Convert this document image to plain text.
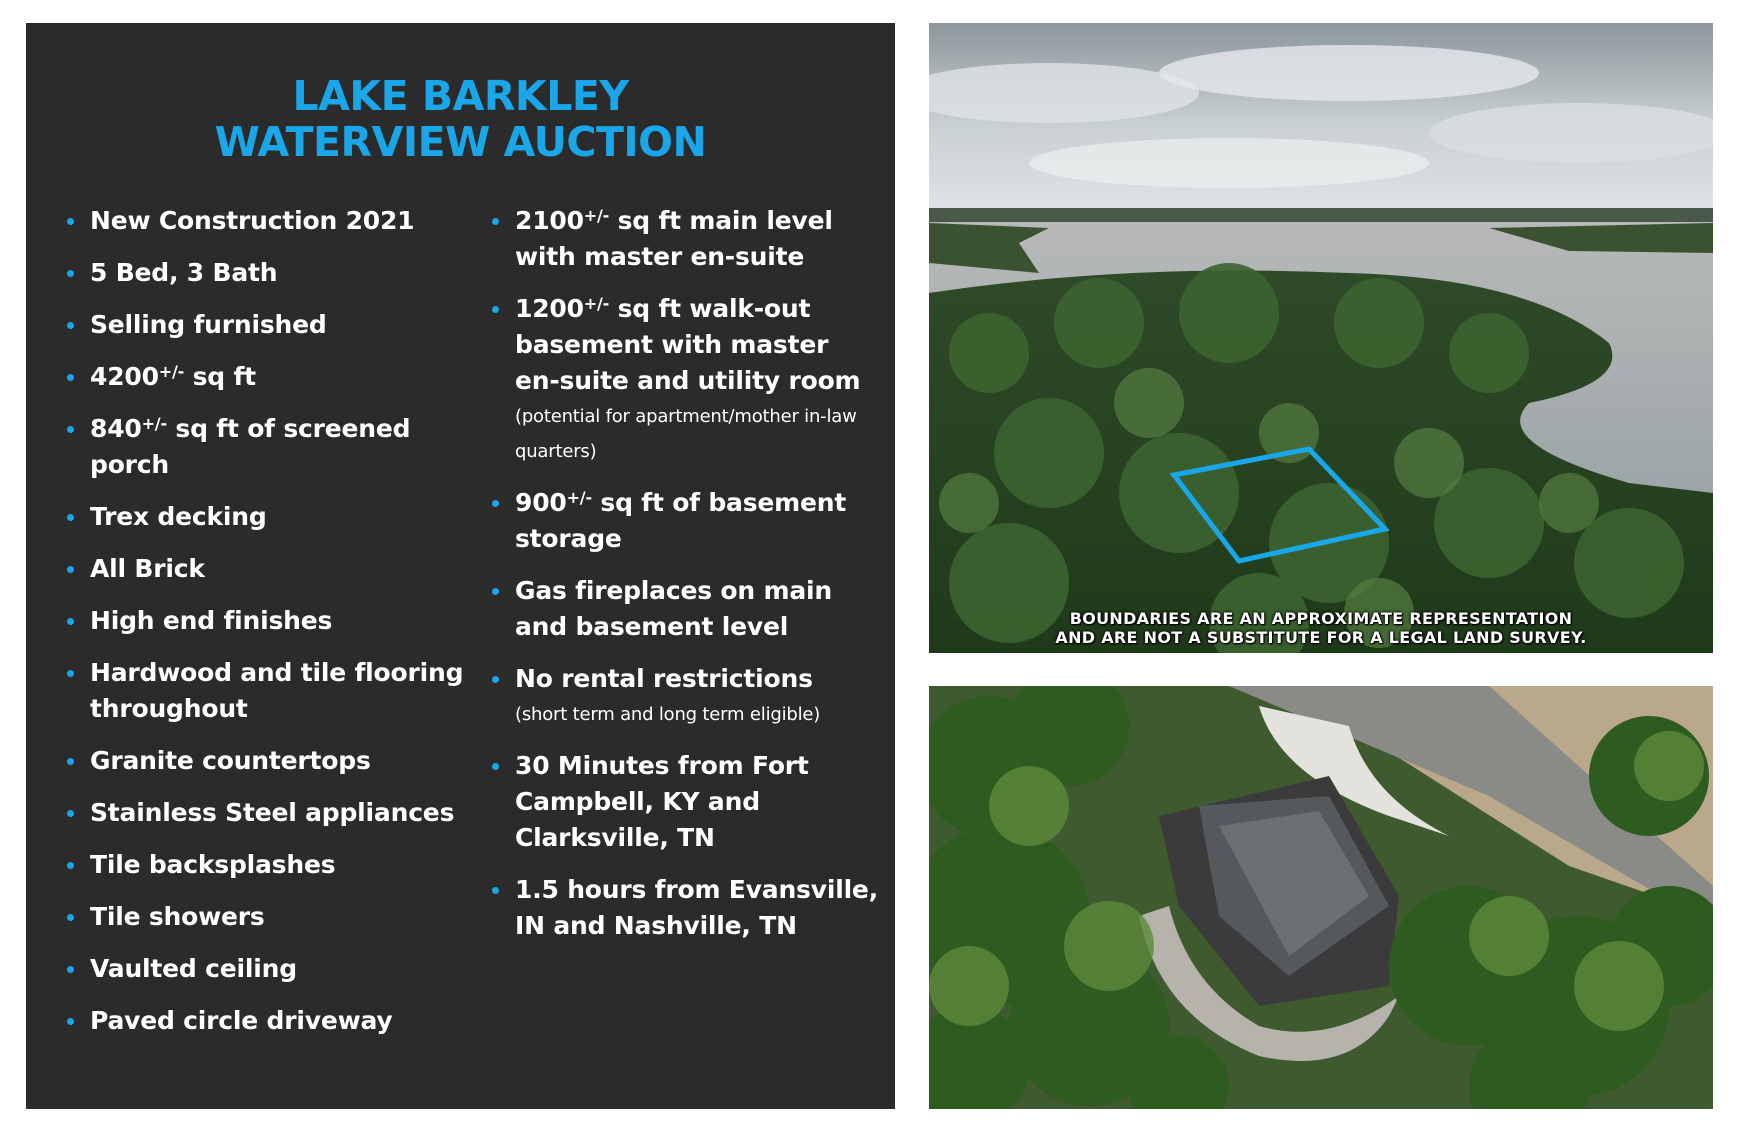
LAKE BARKLEY
WATERVIEW AUCTION
New Construction 2021
5 Bed, 3 Bath
Selling furnished
4200+/- sq ft
840+/- sq ft of screened porch
Trex decking
All Brick
High end finishes
Hardwood and tile flooring throughout
Granite countertops
Stainless Steel appliances
Tile backsplashes
Tile showers
Vaulted ceiling
Paved circle driveway
2100+/- sq ft main level with master en-suite
1200+/- sq ft walk-out basement with master en-suite and utility room
(potential for apartment/mother in-law quarters)
900+/- sq ft of basement storage
Gas fireplaces on main and basement level
No rental restrictions
(short term and long term eligible)
30 Minutes from Fort Campbell, KY and Clarksville, TN
1.5 hours from Evansville, IN and Nashville, TN
BOUNDARIES ARE AN APPROXIMATE REPRESENTATION
AND ARE NOT A SUBSTITUTE FOR A LEGAL LAND SURVEY.
